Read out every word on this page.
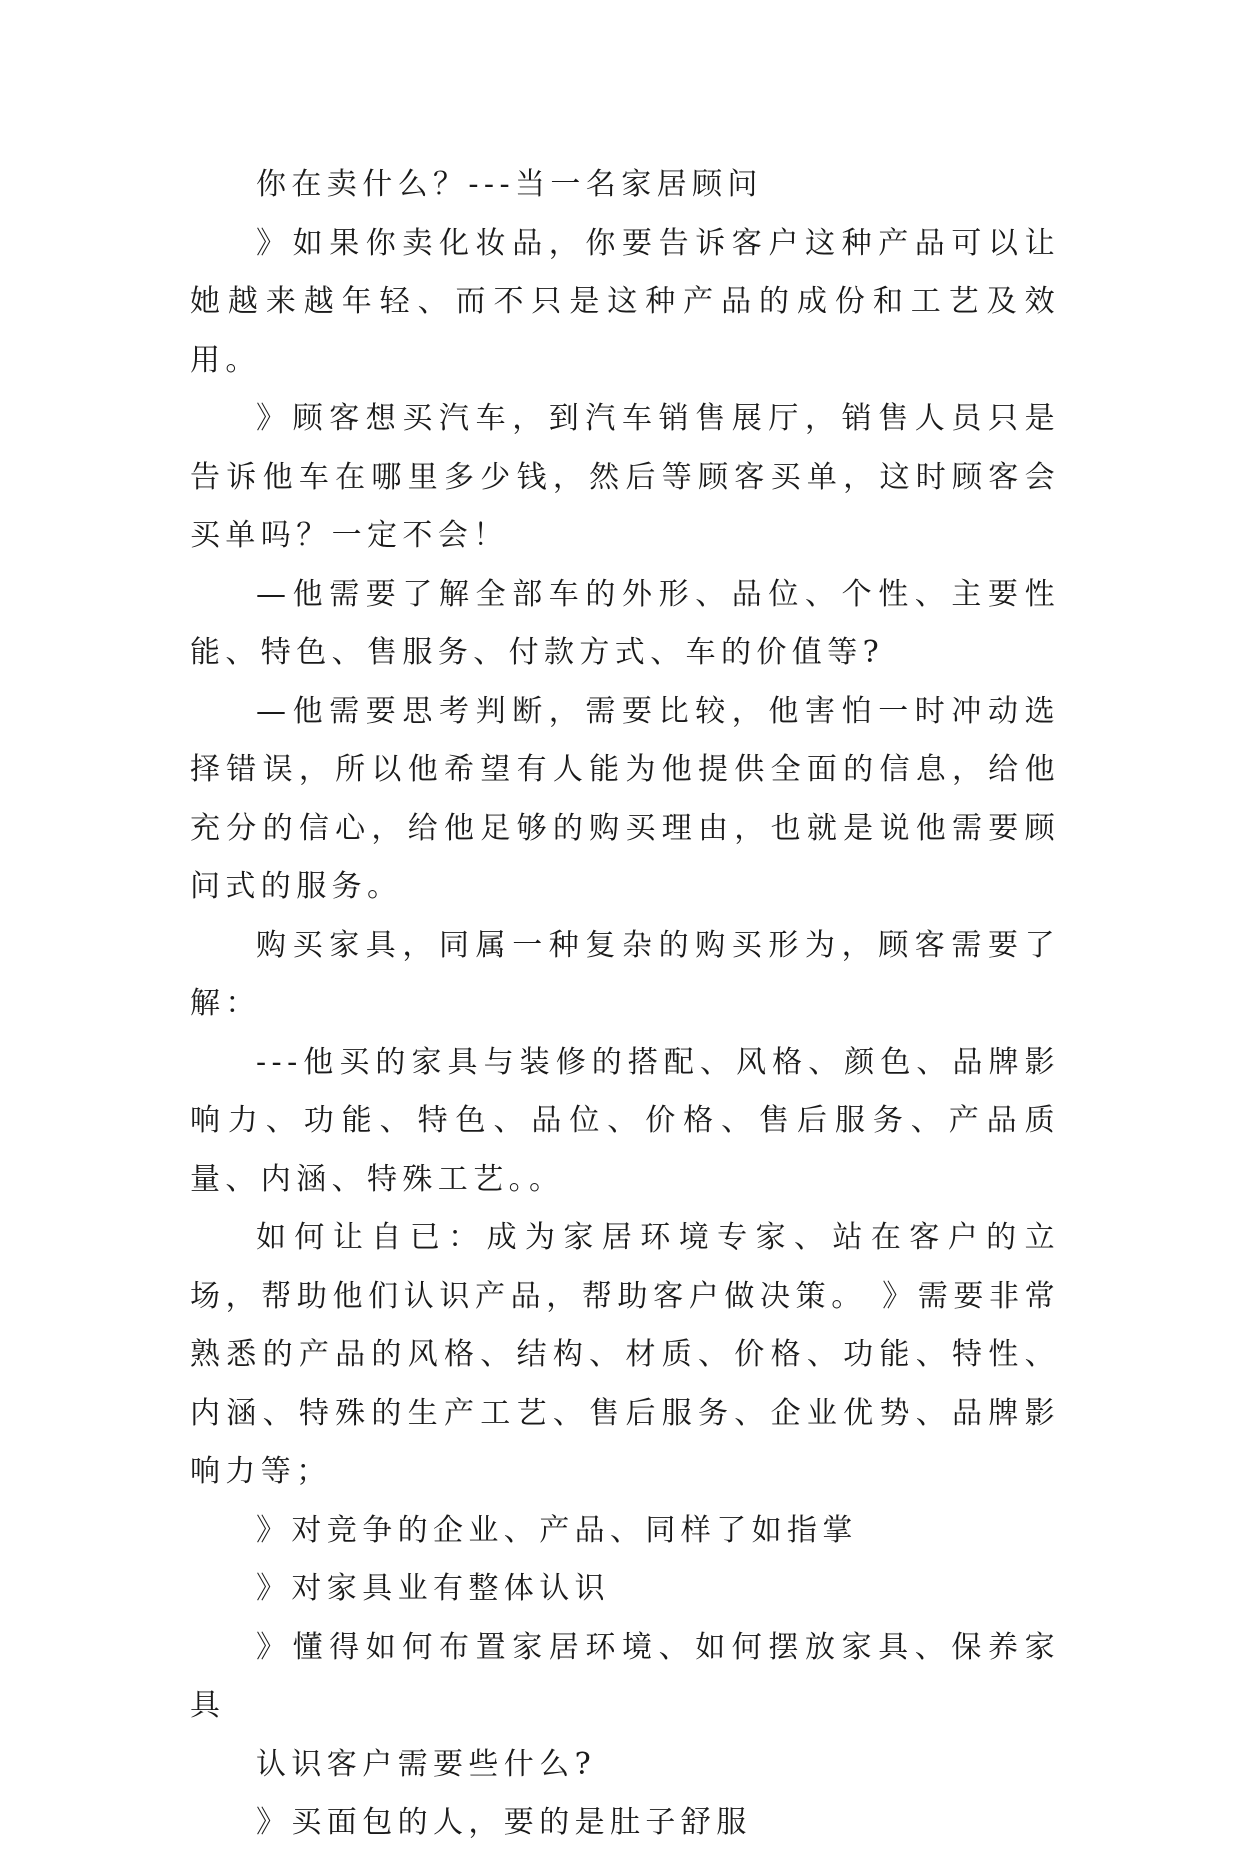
你在卖什么？---当一名家居顾问

》如果你卖化妆品，你要告诉客户这种产品可以让她越来越年轻、而不只是这种产品的成份和工艺及效用。

》顾客想买汽车，到汽车销售展厅，销售人员只是告诉他车在哪里多少钱，然后等顾客买单，这时顾客会买单吗？一定不会！

—他需要了解全部车的外形、品位、个性、主要性能、特色、售服务、付款方式、车的价值等?

—他需要思考判断，需要比较，他害怕一时冲动选择错误，所以他希望有人能为他提供全面的信息，给他充分的信心，给他足够的购买理由，也就是说他需要顾问式的服务。

购买家具，同属一种复杂的购买形为，顾客需要了解：

---他买的家具与装修的搭配、风格、颜色、品牌影响力、功能、特色、品位、价格、售后服务、产品质量、内涵、特殊工艺。。

如何让自已：成为家居环境专家、站在客户的立场，帮助他们认识产品，帮助客户做决策。 》需要非常熟悉的产品的风格、结构、材质、价格、功能、特性、内涵、特殊的生产工艺、售后服务、企业优势、品牌影响力等；

》对竞争的企业、产品、同样了如指掌

》对家具业有整体认识

》懂得如何布置家居环境、如何摆放家具、保养家具

认识客户需要些什么?

》买面包的人，要的是肚子舒服
